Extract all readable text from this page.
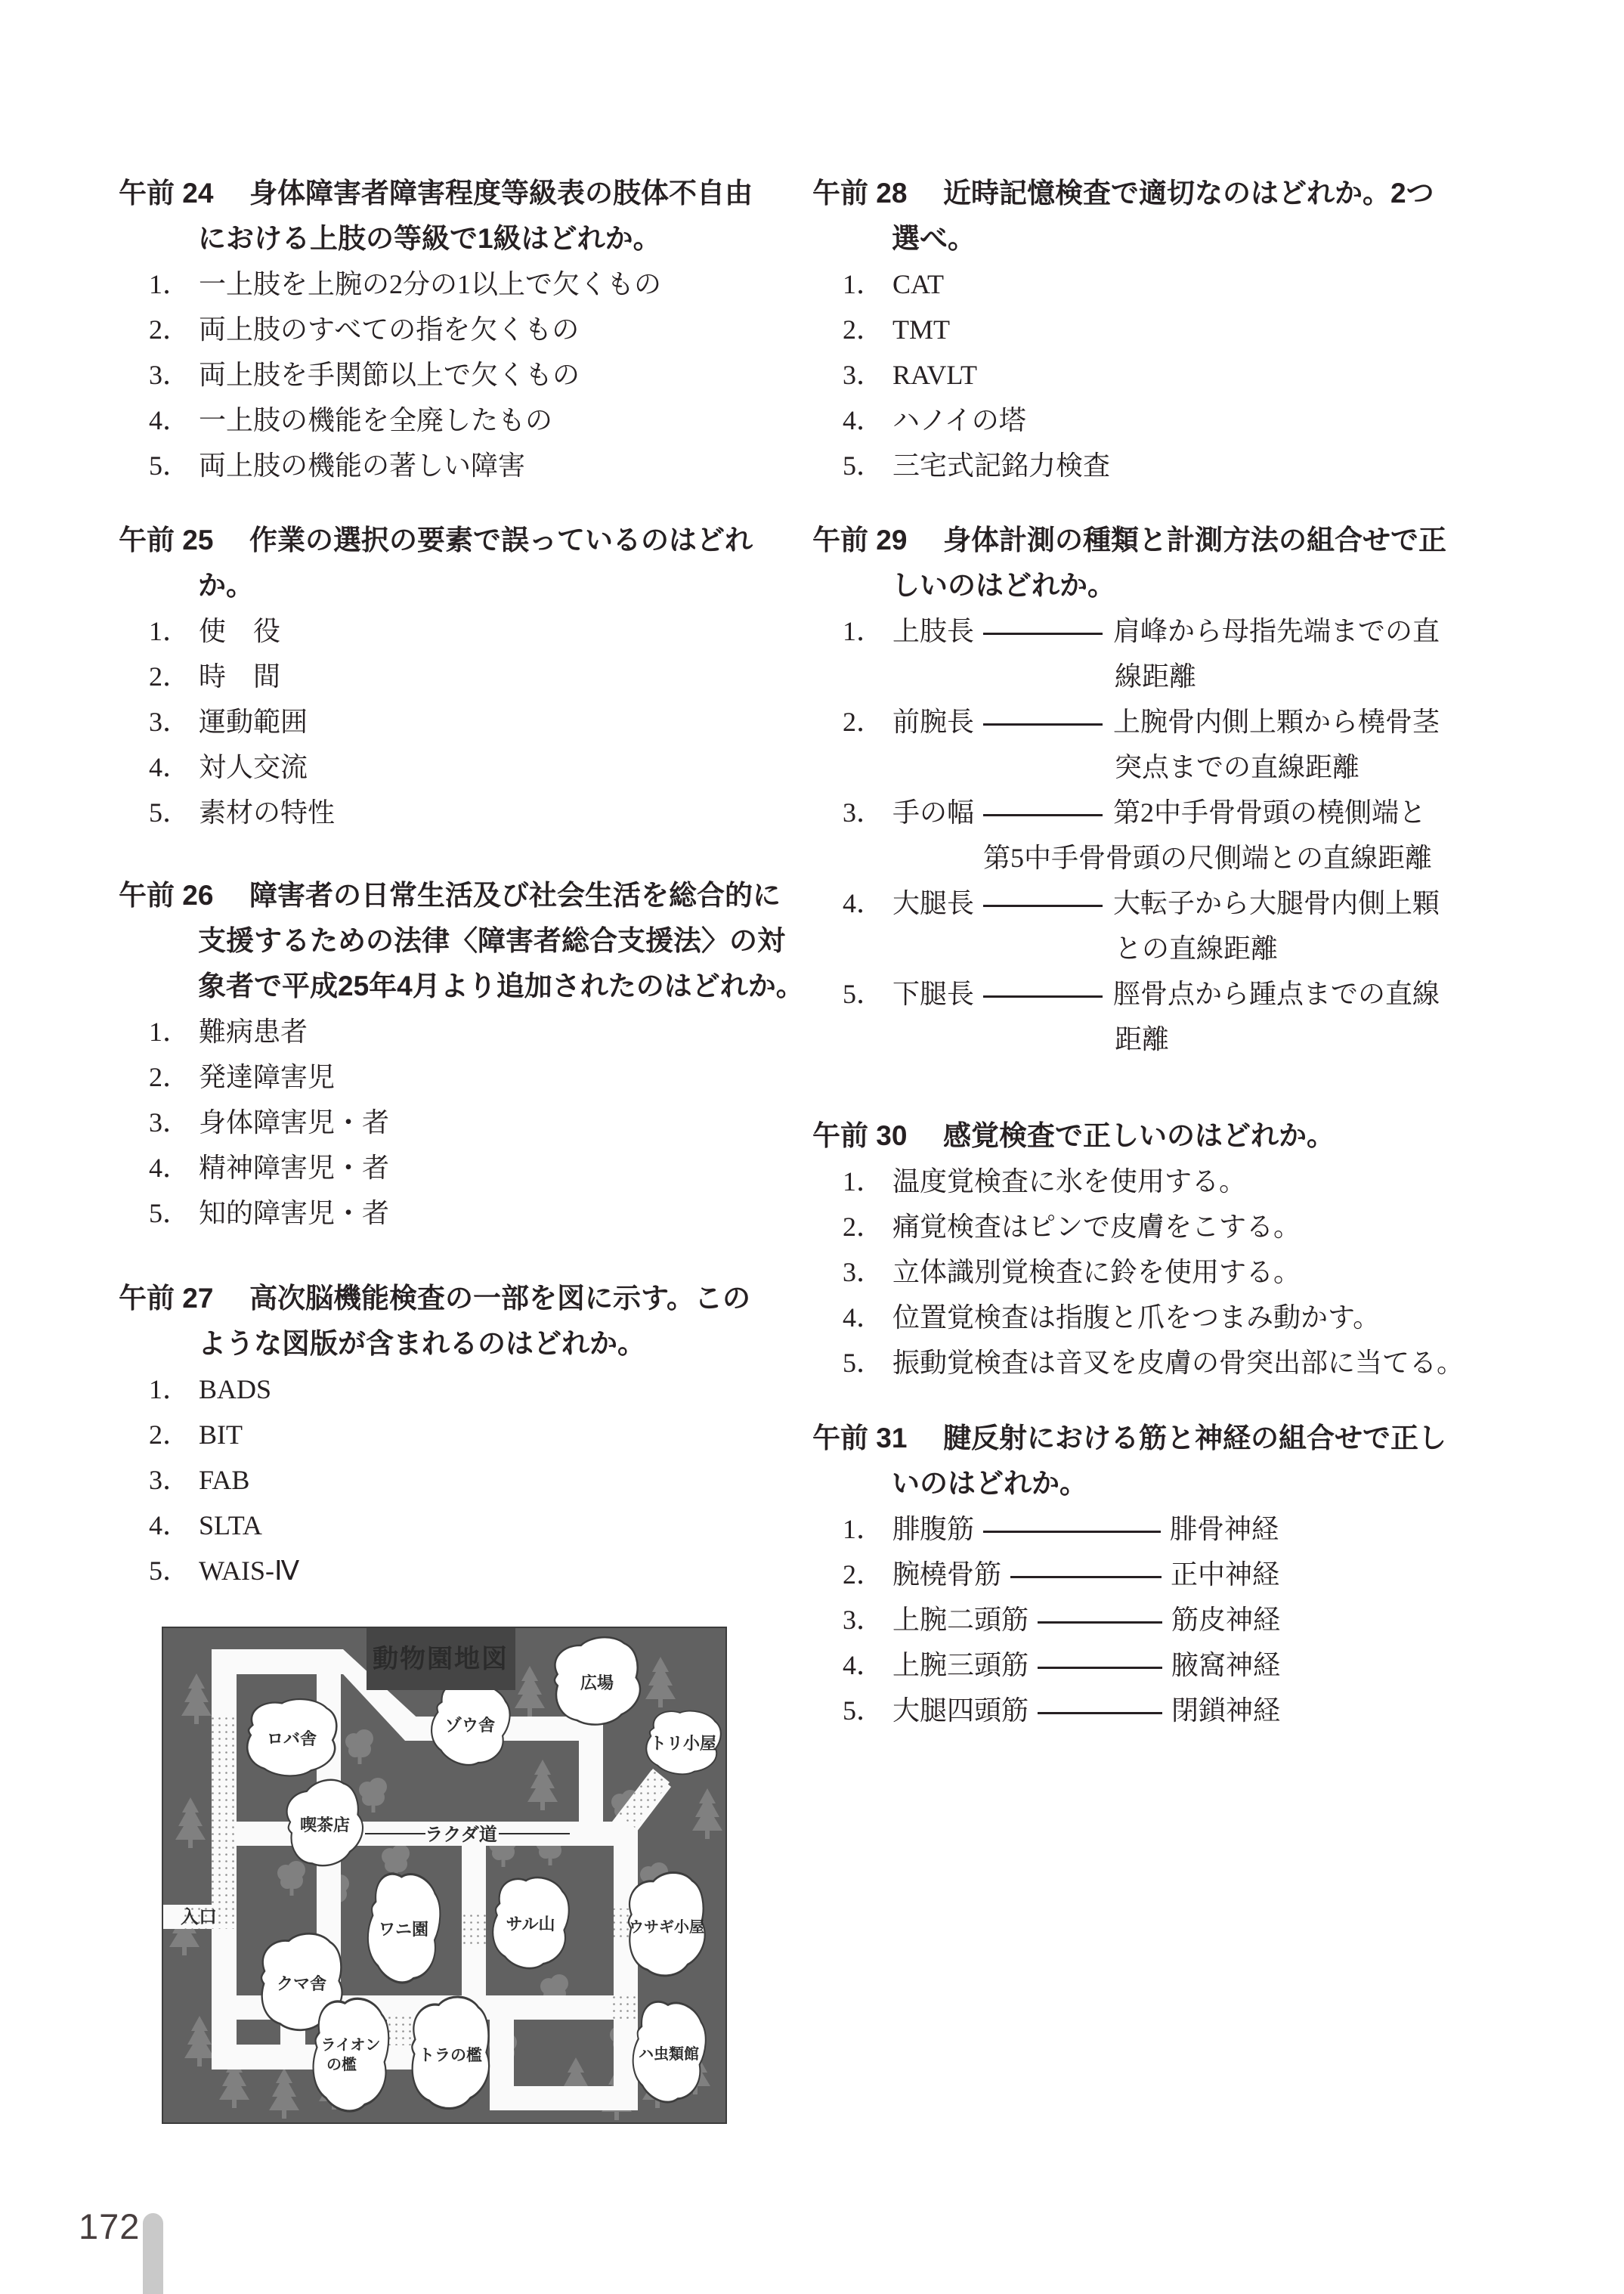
午前 24 身体障害者障害程度等級表の肢体不自由
における上肢の等級で1級はどれか。
1． 一上肢を上腕の2分の1以上で欠くもの
2． 両上肢のすべての指を欠くもの
3． 両上肢を手関節以上で欠くもの
4． 一上肢の機能を全廃したもの
5． 両上肢の機能の著しい障害
午前 25 作業の選択の要素で誤っているのはどれ
か。
1． 使　役
2． 時　間
3． 運動範囲
4． 対人交流
5． 素材の特性
午前 26 障害者の日常生活及び社会生活を総合的に
支援するための法律〈障害者総合支援法〉の対
象者で平成25年4月より追加されたのはどれか。
1． 難病患者
2． 発達障害児
3． 身体障害児・者
4． 精神障害児・者
5． 知的障害児・者
午前 27 高次脳機能検査の一部を図に示す。この
ような図版が含まれるのはどれか。
1． BADS
2． BIT
3． FAB
4． SLTA
5． WAIS-Ⅳ
午前 28 近時記憶検査で適切なのはどれか。2つ
選べ。
1． CAT
2． TMT
3． RAVLT
4． ハノイの塔
5． 三宅式記銘力検査
午前 29 身体計測の種類と計測方法の組合せで正
しいのはどれか。
1． 上肢長	肩峰から母指先端までの直
線距離
2． 前腕長	上腕骨内側上顆から橈骨茎
突点までの直線距離
3． 手の幅	第2中手骨骨頭の橈側端と
第5中手骨骨頭の尺側端との直線距離
4． 大腿長	大転子から大腿骨内側上顆
との直線距離
5． 下腿長	脛骨点から踵点までの直線
距離
午前 30 感覚検査で正しいのはどれか。
1． 温度覚検査に氷を使用する。
2． 痛覚検査はピンで皮膚をこする。
3． 立体識別覚検査に鈴を使用する。
4． 位置覚検査は指腹と爪をつまみ動かす。
5． 振動覚検査は音叉を皮膚の骨突出部に当てる。
午前 31 腱反射における筋と神経の組合せで正し
いのはどれか。
1． 腓腹筋	腓骨神経
2． 腕橈骨筋	正中神経
3． 上腕二頭筋	筋皮神経
4． 上腕三頭筋	腋窩神経
5． 大腿四頭筋	閉鎖神経
ラクダ道
ロバ舎
ゾウ舎
広場
トリ小屋
喫茶店
サル山	ウサギ小屋
ワニ園
クマ舎
ライオン
の檻
トラの檻	ハ虫類館
入口
動物園地図
172
